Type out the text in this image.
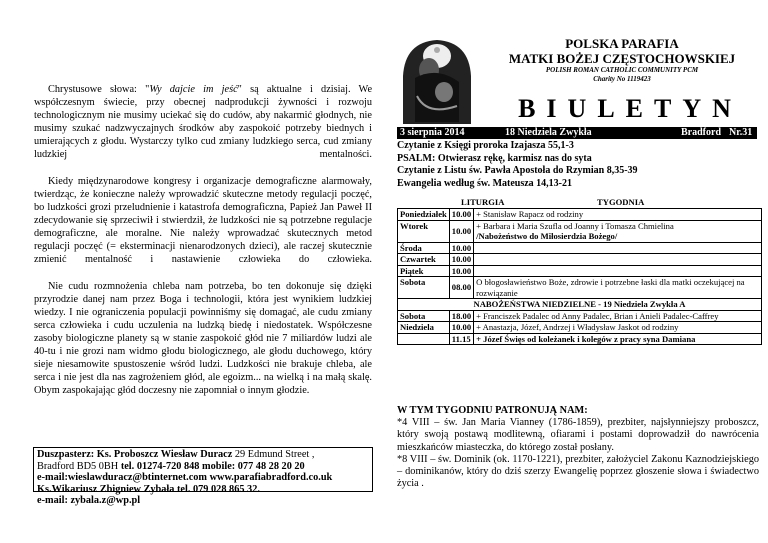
Chrystusowe słowa: "Wy dajcie im jeść" są aktualne i dzisiaj. We współczesnym świecie, przy obecnej nadprodukcji żywności i rozwoju technologicznym nie musimy uciekać się do cudów, aby nakarmić głodnych, nie musimy szukać nadzwyczajnych środków aby zaspokoić potrzeby biednych i umierających z głodu. Wystarczy tylko cud zmiany ludzkiego serca, cud zmiany ludzkiej mentalności.

Kiedy międzynarodowe kongresy i organizacje demograficzne alarmowały, twierdząc, że konieczne należy wprowadzić skuteczne metody regulacji poczęć, bo ludzkości grozi przeludnienie i katastrofa demograficzna, Papież Jan Paweł II zdecydowanie się sprzeciwił i stwierdził, że ludzkości nie są potrzebne regulacje demograficzne, ale moralne. Nie należy wprowadzać skutecznych metod regulacji poczęć (= eksterminacji nienarodzonych dzieci), ale raczej skutecznie zmienić mentalność i nastawienie człowieka do człowieka.

Nie cudu rozmnożenia chleba nam potrzeba, bo ten dokonuje się dzięki przyrodzie danej nam przez Boga i technologii, która jest wynikiem ludzkiej wiedzy. I nie ograniczenia populacji powinniśmy się domagać, ale cudu zmiany serca człowieka i cudu uczulenia na ludzką biedę i niedostatek. Współczesne zasoby biologiczne planety są w stanie zaspokoić głód nie 7 miliardów ludzi ale 40-tu i nie grozi nam widmo głodu biologicznego, ale głodu duchowego, który sieje niesamowite spustoszenie wśród ludzi. Ludzkości nie brakuje chleba, ale serca i nie jest dla nas zagrożeniem głód, ale egoizm... na wielką i na małą skalę. Obym zaspokajając głód doczesny nie zapomniał o innym głodzie.

Duszpasterz: Ks. Proboszcz Wiesław Duracz 29 Edmund Street ,
Bradford BD5 0BH tel. 01274-720 848 mobile: 077 48 28 20 20
e-mail:wieslawduracz@btinternet.com www.parafiabradford.co.uk
Ks.Wikariusz Zbigniew Zybała tel. 079 028 865 32.
e-mail: zybala.z@wp.pl
POLSKA PARAFIA
MATKI BOŻEJ CZĘSTOCHOWSKIEJ
POLISH ROMAN CATHOLIC COMMUNITY PCM
Charity No 1119423
BIULETYN
3 sierpnia 2014	18 Niedziela Zwykła	Bradford Nr.31
Czytanie z Księgi proroka Izajasza 55,1-3
PSALM: Otwierasz rękę, karmisz nas do syta
Czytanie z Listu św. Pawła Apostoła do Rzymian 8,35-39
Ewangelia według św. Mateusza 14,13-21
LITURGIA	TYGODNIA
Poniedziałek	10.00	+ Stanisław Rapacz od rodziny
Wtorek	10.00	+ Barbara i Maria Szufla od Joanny i Tomasza Chmielina
/Nabożeństwo do Miłosierdzia Bożego/

Środa	10.00	
Czwartek	10.00	
Piątek	10.00	
Sobota	08.00	O błogosławieństwo Boże, zdrowie i potrzebne łaski dla matki oczekującej na rozwiązanie
NABOŻEŃSTWA NIEDZIELNE - 19 Niedziela Zwykła A		
Sobota	18.00	+ Franciszek Padalec od Anny Padalec, Brian i Anieli Padalec-Caffrey
Niedziela	10.00	+ Anastazja, Józef, Andrzej i Władysław Jaskot od rodziny
	11.15	+ Józef Święs od koleżanek i kolegów z pracy syna Damiana
W TYM TYGODNIU PATRONUJĄ NAM:
*4 VIII – św. Jan Maria Vianney (1786-1859), prezbiter, najsłynniejszy proboszcz, który swoją postawą modlitewną, ofiarami i postami doprowadził do nawrócenia mieszkańców miasteczka, do którego został posłany.
*8 VIII – św. Dominik (ok. 1170-1221), prezbiter, założyciel Zakonu Kaznodziejskiego – dominikanów, który do dziś szerzy Ewangelię poprzez głoszenie słowa i świadectwo życia .
